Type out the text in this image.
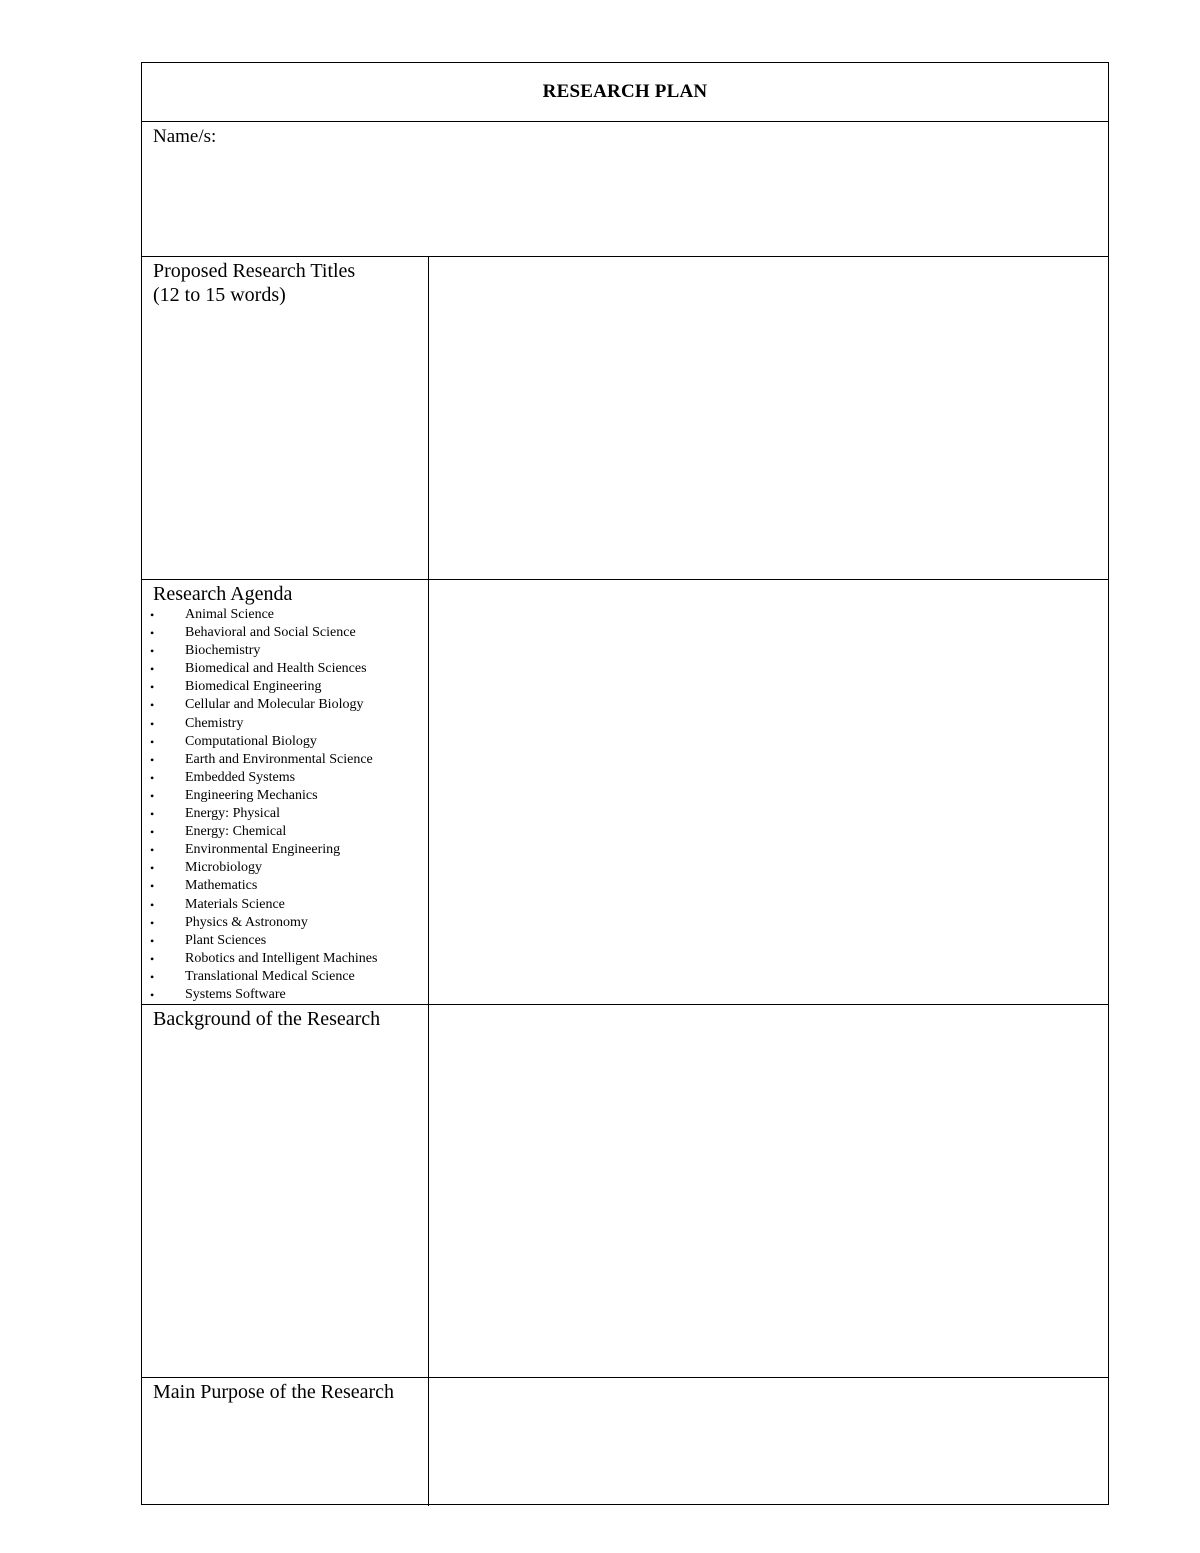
RESEARCH PLAN
Name/s:
Proposed Research Titles
(12 to 15 words)
Research Agenda
• Animal Science
• Behavioral and Social Science
• Biochemistry
• Biomedical and Health Sciences
• Biomedical Engineering
• Cellular and Molecular Biology
• Chemistry
• Computational Biology
• Earth and Environmental Science
• Embedded Systems
• Engineering Mechanics
• Energy: Physical
• Energy: Chemical
• Environmental Engineering
• Microbiology
• Mathematics
• Materials Science
• Physics & Astronomy
• Plant Sciences
• Robotics and Intelligent Machines
• Translational Medical Science
• Systems Software
Background of the Research
Main Purpose of the Research
